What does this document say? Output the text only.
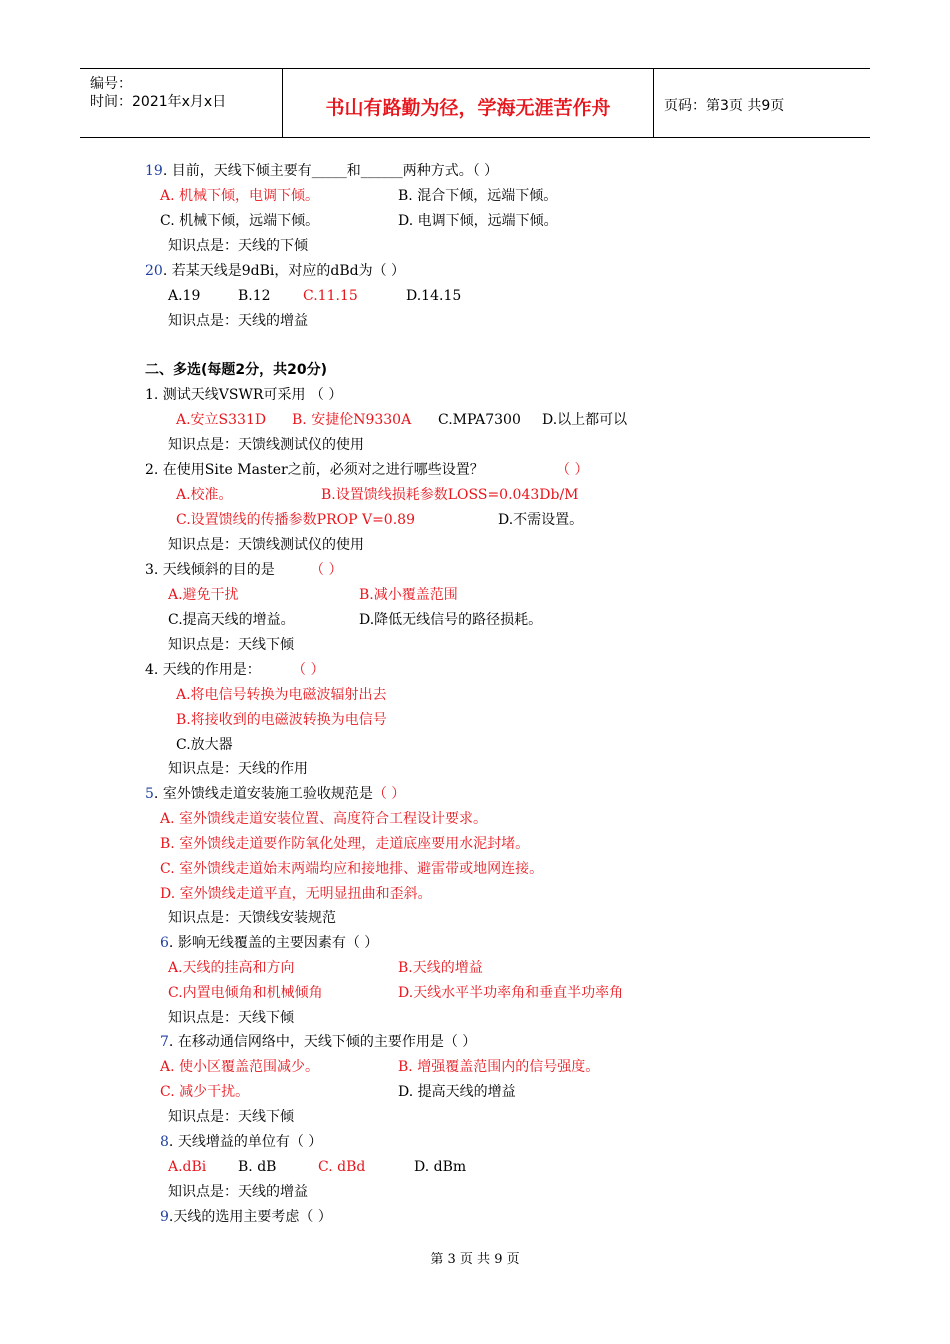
编号：
时间：2021年x月x日	书山有路勤为径，学海无涯苦作舟	页码：第3页 共9页
19. 目前，天线下倾主要有_____和______两种方式。（ ）
A. 机械下倾，电调下倾。	B. 混合下倾，远端下倾。
C. 机械下倾，远端下倾。	D. 电调下倾，远端下倾。
知识点是：天线的下倾
20. 若某天线是9dBi，对应的dBd为（ ）
A.19	B.12 C.11.15	D.14.15
知识点是：天线的增益
二、多选(每题2分，共20分)
1. 测试天线VSWR可采用 （ ）
A.安立S331D B. 安捷伦N9330A C.MPA7300 D.以上都可以
知识点是：天馈线测试仪的使用
2. 在使用Site Master之前，必须对之进行哪些设置？	（ ）
A.校准。	B.设置馈线损耗参数LOSS=0.043Db/M
C.设置馈线的传播参数PROP V=0.89	D.不需设置。
知识点是：天馈线测试仪的使用
3. 天线倾斜的目的是	（ ）
A.避免干扰	B.减小覆盖范围
C.提高天线的增益。	D.降低无线信号的路径损耗。
知识点是：天线下倾
4. 天线的作用是： （ ）
A.将电信号转换为电磁波辐射出去
B.将接收到的电磁波转换为电信号
C.放大器
知识点是：天线的作用
5. 室外馈线走道安装施工验收规范是（ ）
A. 室外馈线走道安装位置、高度符合工程设计要求。
B. 室外馈线走道要作防氧化处理，走道底座要用水泥封堵。
C. 室外馈线走道始末两端均应和接地排、避雷带或地网连接。
D. 室外馈线走道平直，无明显扭曲和歪斜。
知识点是：天馈线安装规范
6. 影响无线覆盖的主要因素有（ ）
A.天线的挂高和方向	B.天线的增益
C.内置电倾角和机械倾角	D.天线水平半功率角和垂直半功率角
知识点是：天线下倾
7. 在移动通信网络中，天线下倾的主要作用是（ ）
A. 使小区覆盖范围减少。	B. 增强覆盖范围内的信号强度。
C. 减少干扰。	D. 提高天线的增益
知识点是：天线下倾
8. 天线增益的单位有（ ）
A.dBi B. dB	C. dBd	D. dBm
知识点是：天线的增益
9.天线的选用主要考虑（ ）
第 3 页 共 9 页
